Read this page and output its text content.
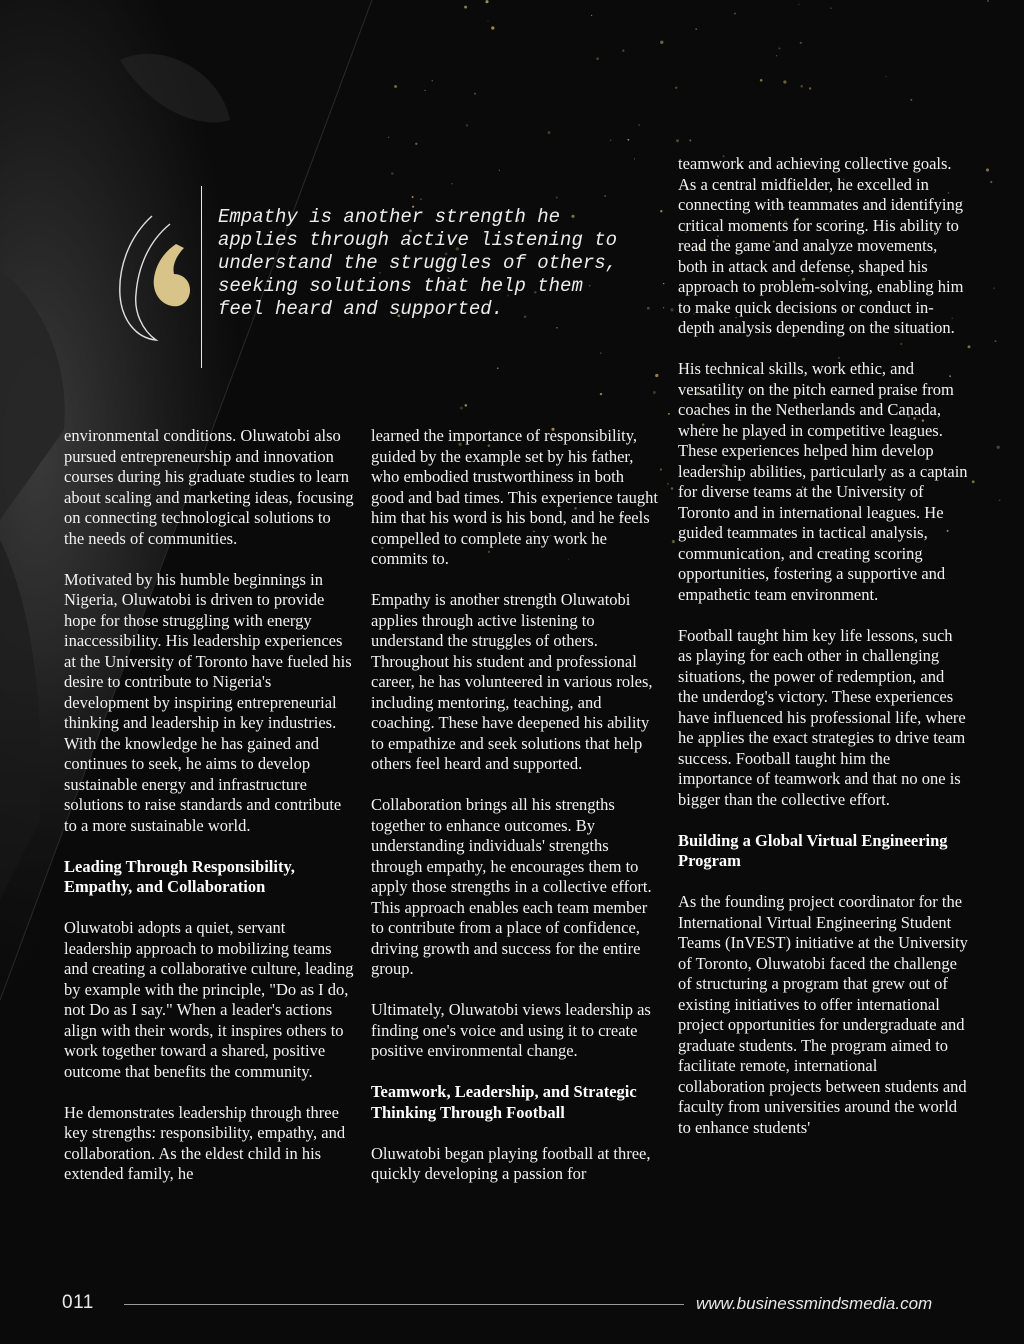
Empathy is another strength he applies through active listening to understand the struggles of others, seeking solutions that help them feel heard and supported.

environmental conditions. Oluwatobi also pursued entrepreneurship and innovation courses during his graduate studies to learn about scaling and marketing ideas, focusing on connecting technological solutions to the needs of communities.

Motivated by his humble beginnings in Nigeria, Oluwatobi is driven to provide hope for those struggling with energy inaccessibility. His leadership experiences at the University of Toronto have fueled his desire to contribute to Nigeria's development by inspiring entrepreneurial thinking and leadership in key industries. With the knowledge he has gained and continues to seek, he aims to develop sustainable energy and infrastructure solutions to raise standards and contribute to a more sustainable world.

Leading Through Responsibility, Empathy, and Collaboration

Oluwatobi adopts a quiet, servant leadership approach to mobilizing teams and creating a collaborative culture, leading by example with the principle, "Do as I do, not Do as I say." When a leader's actions align with their words, it inspires others to work together toward a shared, positive outcome that benefits the community.

He demonstrates leadership through three key strengths: responsibility, empathy, and collaboration. As the eldest child in his extended family, he

learned the importance of responsibility, guided by the example set by his father, who embodied trustworthiness in both good and bad times. This experience taught him that his word is his bond, and he feels compelled to complete any work he commits to.

Empathy is another strength Oluwatobi applies through active listening to understand the struggles of others. Throughout his student and professional career, he has volunteered in various roles, including mentoring, teaching, and coaching. These have deepened his ability to empathize and seek solutions that help others feel heard and supported.

Collaboration brings all his strengths together to enhance outcomes. By understanding individuals' strengths through empathy, he encourages them to apply those strengths in a collective effort. This approach enables each team member to contribute from a place of confidence, driving growth and success for the entire group.

Ultimately, Oluwatobi views leadership as finding one's voice and using it to create positive environmental change.

Teamwork, Leadership, and Strategic Thinking Through Football

Oluwatobi began playing football at three, quickly developing a passion for

teamwork and achieving collective goals. As a central midfielder, he excelled in connecting with teammates and identifying critical moments for scoring. His ability to read the game and analyze movements, both in attack and defense, shaped his approach to problem-solving, enabling him to make quick decisions or conduct in-depth analysis depending on the situation.

His technical skills, work ethic, and versatility on the pitch earned praise from coaches in the Netherlands and Canada, where he played in competitive leagues. These experiences helped him develop leadership abilities, particularly as a captain for diverse teams at the University of Toronto and in international leagues. He guided teammates in tactical analysis, communication, and creating scoring opportunities, fostering a supportive and empathetic team environment.

Football taught him key life lessons, such as playing for each other in challenging situations, the power of redemption, and the underdog's victory. These experiences have influenced his professional life, where he applies the exact strategies to drive team success. Football taught him the importance of teamwork and that no one is bigger than the collective effort.

Building a Global Virtual Engineering Program

As the founding project coordinator for the International Virtual Engineering Student Teams (InVEST) initiative at the University of Toronto, Oluwatobi faced the challenge of structuring a program that grew out of existing initiatives to offer international project opportunities for undergraduate and graduate students. The program aimed to facilitate remote, international collaboration projects between students and faculty from universities around the world to enhance students'

011	www.businessmindsmedia.com
